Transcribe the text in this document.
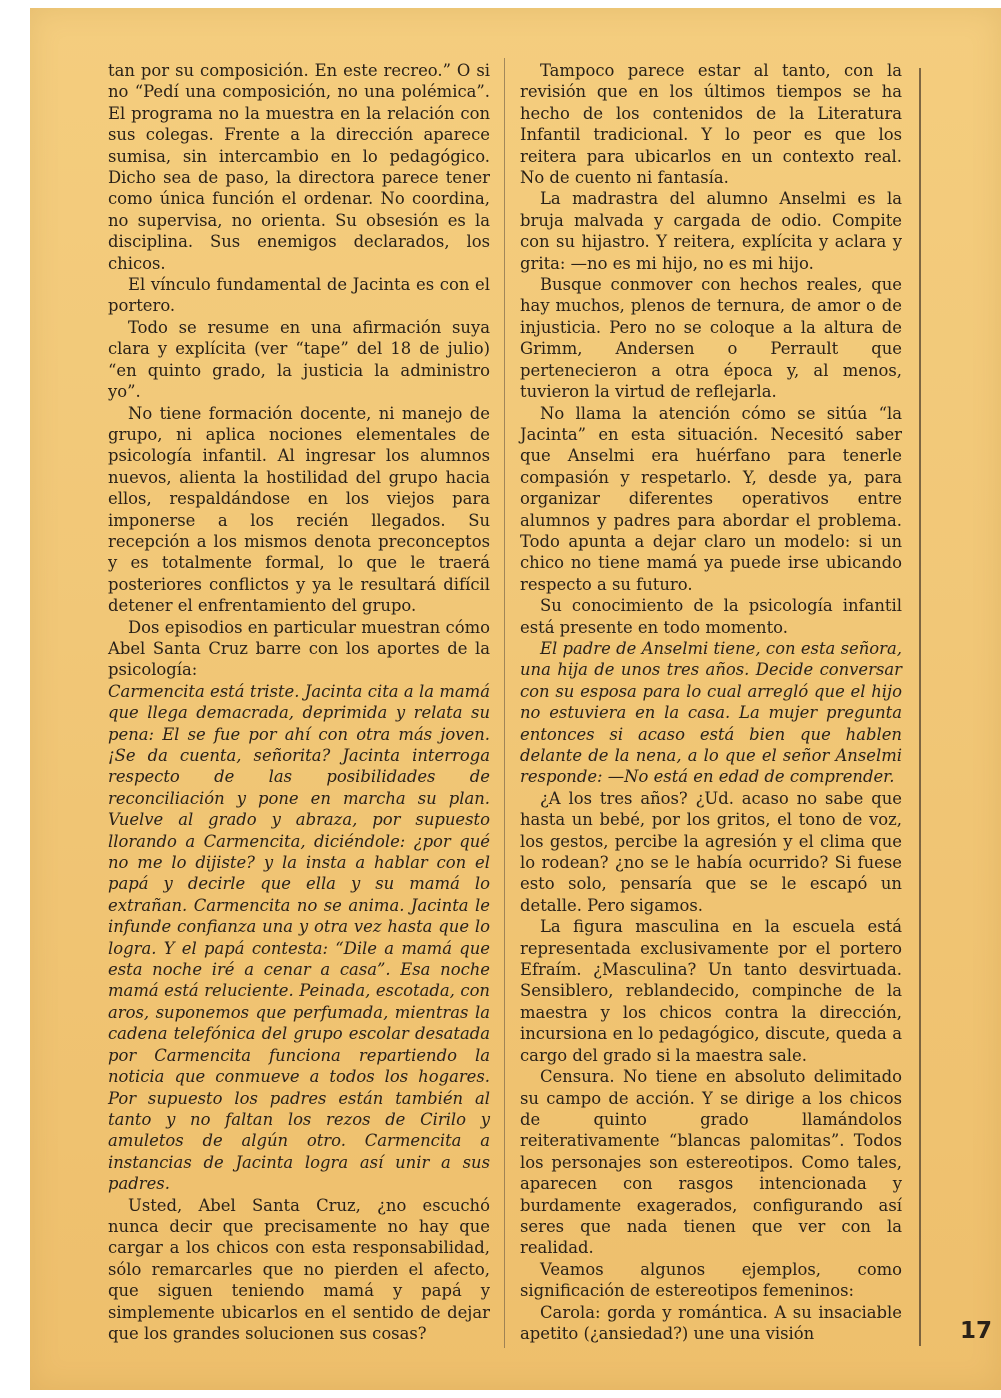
tan por su composición. En este recreo.” O si no “Pedí una composición, no una polémica”. El programa no la muestra en la relación con sus colegas. Frente a la dirección aparece sumisa, sin intercambio en lo pedagógico. Dicho sea de paso, la directora parece tener como única función el ordenar. No coordina, no supervisa, no orienta. Su obsesión es la disciplina. Sus enemigos declarados, los chicos.

El vínculo fundamental de Jacinta es con el portero.

Todo se resume en una afirmación suya clara y explícita (ver “tape” del 18 de julio) “en quinto grado, la justicia la administro yo”.

No tiene formación docente, ni manejo de grupo, ni aplica nociones elementales de psicología infantil. Al ingresar los alumnos nuevos, alienta la hostilidad del grupo hacia ellos, respaldándose en los viejos para imponerse a los recién llegados. Su recepción a los mismos denota preconceptos y es totalmente formal, lo que le traerá posteriores conflictos y ya le resultará difícil detener el enfrentamiento del grupo.

Dos episodios en particular muestran cómo Abel Santa Cruz barre con los aportes de la psicología:

Carmencita está triste. Jacinta cita a la mamá que llega demacrada, deprimida y relata su pena: El se fue por ahí con otra más joven. ¡Se da cuenta, señorita? Jacinta interroga respecto de las posibilidades de reconciliación y pone en marcha su plan. Vuelve al grado y abraza, por supuesto llorando a Carmencita, diciéndole: ¿por qué no me lo dijiste? y la insta a hablar con el papá y decirle que ella y su mamá lo extrañan. Carmencita no se anima. Jacinta le infunde confianza una y otra vez hasta que lo logra. Y el papá contesta: “Dile a mamá que esta noche iré a cenar a casa”. Esa noche mamá está reluciente. Peinada, escotada, con aros, suponemos que perfumada, mientras la cadena telefónica del grupo escolar desatada por Carmencita funciona repartiendo la noticia que conmueve a todos los hogares. Por supuesto los padres están también al tanto y no faltan los rezos de Cirilo y amuletos de algún otro. Carmencita a instancias de Jacinta logra así unir a sus padres.

Usted, Abel Santa Cruz, ¿no escuchó nunca decir que precisamente no hay que cargar a los chicos con esta responsabilidad, sólo remarcarles que no pierden el afecto, que siguen teniendo mamá y papá y simplemente ubicarlos en el sentido de dejar que los grandes solucionen sus cosas?

Tampoco parece estar al tanto, con la revisión que en los últimos tiempos se ha hecho de los contenidos de la Literatura Infantil tradicional. Y lo peor es que los reitera para ubicarlos en un contexto real. No de cuento ni fantasía.

La madrastra del alumno Anselmi es la bruja malvada y cargada de odio. Compite con su hijastro. Y reitera, explícita y aclara y grita: —no es mi hijo, no es mi hijo.

Busque conmover con hechos reales, que hay muchos, plenos de ternura, de amor o de injusticia. Pero no se coloque a la altura de Grimm, Andersen o Perrault que pertenecieron a otra época y, al menos, tuvieron la virtud de reflejarla.

No llama la atención cómo se sitúa “la Jacinta” en esta situación. Necesitó saber que Anselmi era huérfano para tenerle compasión y respetarlo. Y, desde ya, para organizar diferentes operativos entre alumnos y padres para abordar el problema. Todo apunta a dejar claro un modelo: si un chico no tiene mamá ya puede irse ubicando respecto a su futuro.

Su conocimiento de la psicología infantil está presente en todo momento.

El padre de Anselmi tiene, con esta señora, una hija de unos tres años. Decide conversar con su esposa para lo cual arregló que el hijo no estuviera en la casa. La mujer pregunta entonces si acaso está bien que hablen delante de la nena, a lo que el señor Anselmi responde: —No está en edad de comprender.

¿A los tres años? ¿Ud. acaso no sabe que hasta un bebé, por los gritos, el tono de voz, los gestos, percibe la agresión y el clima que lo rodean? ¿no se le había ocurrido? Si fuese esto solo, pensaría que se le escapó un detalle. Pero sigamos.

La figura masculina en la escuela está representada exclusivamente por el portero Efraím. ¿Masculina? Un tanto desvirtuada. Sensiblero, reblandecido, compinche de la maestra y los chicos contra la dirección, incursiona en lo pedagógico, discute, queda a cargo del grado si la maestra sale.

Censura. No tiene en absoluto delimitado su campo de acción. Y se dirige a los chicos de quinto grado llamándolos reiterativamente “blancas palomitas”. Todos los personajes son estereotipos. Como tales, aparecen con rasgos intencionada y burdamente exagerados, configurando así seres que nada tienen que ver con la realidad.

Veamos algunos ejemplos, como significación de estereotipos femeninos:

Carola: gorda y romántica. A su insaciable apetito (¿ansiedad?) une una visión	17
